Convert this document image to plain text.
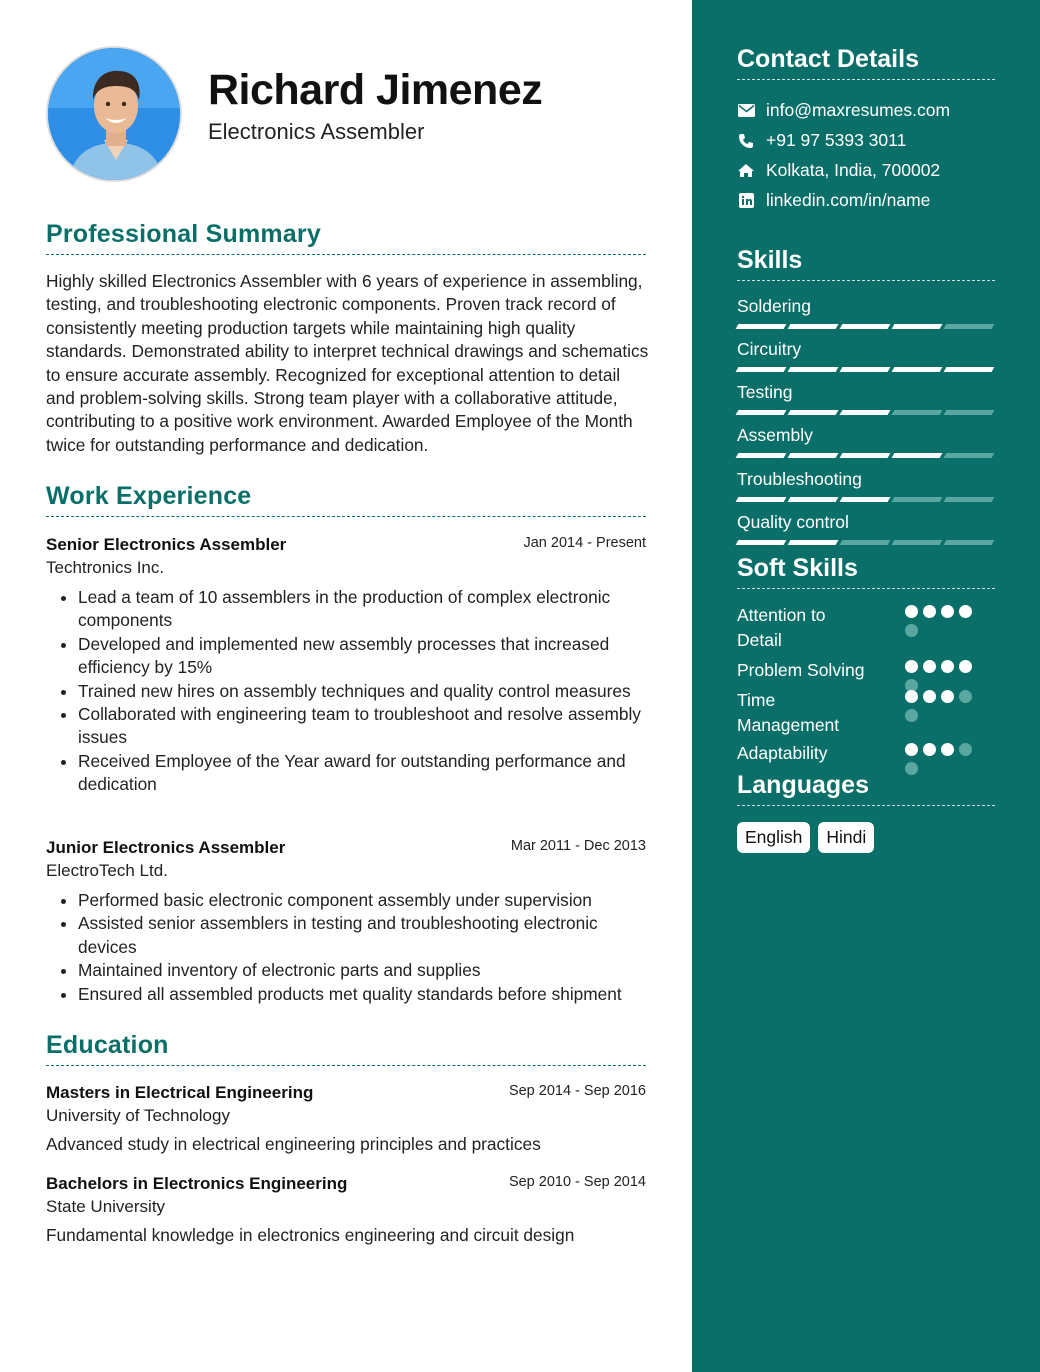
Richard Jimenez
Electronics Assembler
Professional Summary
Highly skilled Electronics Assembler with 6 years of experience in assembling, testing, and troubleshooting electronic components. Proven track record of consistently meeting production targets while maintaining high quality standards. Demonstrated ability to interpret technical drawings and schematics to ensure accurate assembly. Recognized for exceptional attention to detail and problem-solving skills. Strong team player with a collaborative attitude, contributing to a positive work environment. Awarded Employee of the Month twice for outstanding performance and dedication.
Work Experience
Senior Electronics Assembler	Jan 2014 - Present
Techtronics Inc.
• Lead a team of 10 assemblers in the production of complex electronic components
• Developed and implemented new assembly processes that increased efficiency by 15%
• Trained new hires on assembly techniques and quality control measures
• Collaborated with engineering team to troubleshoot and resolve assembly issues
• Received Employee of the Year award for outstanding performance and dedication
Junior Electronics Assembler	Mar 2011 - Dec 2013
ElectroTech Ltd.
• Performed basic electronic component assembly under supervision
• Assisted senior assemblers in testing and troubleshooting electronic devices
• Maintained inventory of electronic parts and supplies
• Ensured all assembled products met quality standards before shipment
Education
Masters in Electrical Engineering	Sep 2014 - Sep 2016
University of Technology
Advanced study in electrical engineering principles and practices
Bachelors in Electronics Engineering	Sep 2010 - Sep 2014
State University
Fundamental knowledge in electronics engineering and circuit design
Contact Details
info@maxresumes.com
+91 97 5393 3011
Kolkata, India, 700002
linkedin.com/in/name
Skills
Soldering
Circuitry
Testing
Assembly
Troubleshooting
Quality control
Soft Skills
Attention to Detail
Problem Solving
Time Management
Adaptability
Languages
English	Hindi
